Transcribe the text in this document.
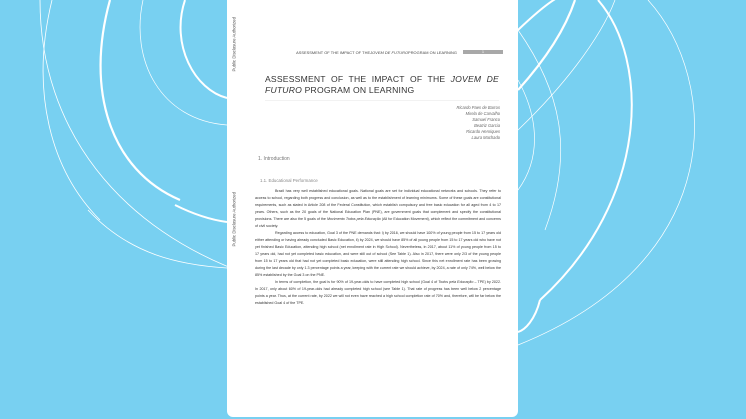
Public Disclosure Authorized
Public Disclosure Authorized
ASSESSMENT OF THE IMPACT OF THE JOVEM DE FUTURO PROGRAM ON LEARNING	1
ASSESSMENT OF THE IMPACT OF THE JOVEM DE FUTURO PROGRAM ON LEARNING
Ricardo Paes de Barros
Mirela de Carvalho
Samuel Franco
Beatriz Garcia
Ricardo Henriques
Laura Machado
1. Introduction
1.1. Educational Performance

Brazil has very well established educational goals. National goals are set for individual educational networks and schools. They refer to access to school, regarding both progress and conclusion, as well as to the establishment of learning minimums. Some of these goals are constitutional requirements, such as stated in Article 208 of the Federal Constitution, which establish compulsory and free basic education for all aged from 4 to 17 years. Others, such as the 20 goals of the National Education Plan (PNE), are government goals that complement and specify the constitutional provisions. There are also the 5 goals of the Movimento Todos pela Educação (All for Education Movement), which reflect the commitment and concerns of civil society.

Regarding access to education, Goal 3 of the PNE demands that: i) by 2016, we should have 100% of young people from 15 to 17 years old either attending or having already concluded Basic Education, ii) by 2024, we should have 85% of all young people from 15 to 17 years old who have not yet finished Basic Education, attending high school (net enrollment rate in High School). Nevertheless, in 2017, about 11% of young people from 15 to 17 years old, had not yet completed basic education, and were still out of school (See Table 1). Also in 2017, there were only 2/3 of the young people from 15 to 17 years old that had not yet completed basic education, were still attending high school. Since this net enrollment rate has been growing during the last decade by only 1.3 percentage points a year, keeping with the current rate we should achieve, by 2024, a rate of only 74%, well below the 85% established by the Goal 3 on the PNE.

In terms of completion, the goal is for 90% of 19-year-olds to have completed high school (Goal 4 of Todos pela Educação – TPE) by 2022. In 2017, only about 60% of 19-year-olds had already completed high school (see Table 1). That rate of progress has been well below 2 percentage points a year. Thus, at the current rate, by 2022 we will not even have reached a high school completion rate of 70% and, therefore, will be far below the established Goal 4 of the TPE.
